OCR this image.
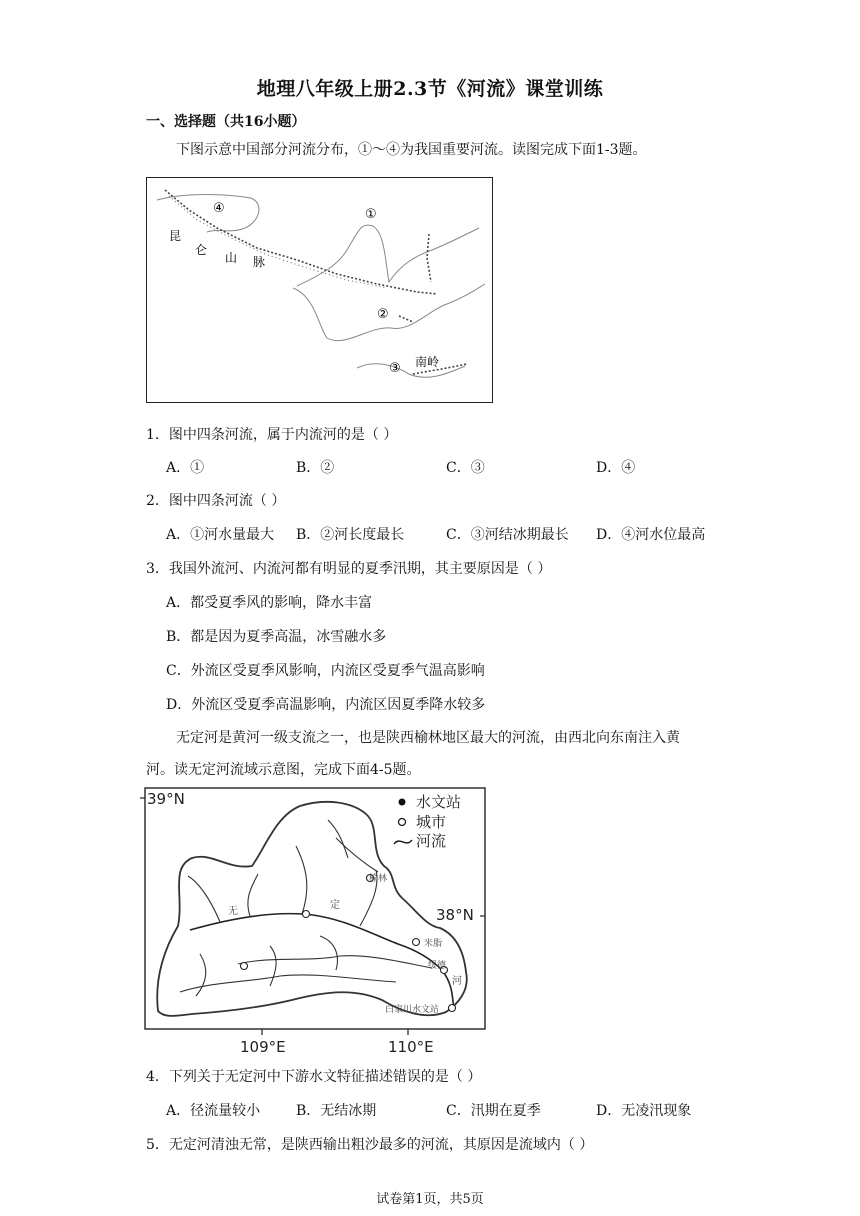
地理八年级上册2.3节《河流》课堂训练
一、选择题（共16小题）
下图示意中国部分河流分布，①～④为我国重要河流。读图完成下面1-3题。
④	①
②
③ 南岭
昆
仑
山 脉
1．图中四条河流，属于内流河的是（ ）
A．①	B．②	C．③	D．④
2．图中四条河流（ ）
A．①河水量最大 B．②河长度最长	C．③河结冰期最长 D．④河水位最高
3．我国外流河、内流河都有明显的夏季汛期，其主要原因是（ ）
A．都受夏季风的影响，降水丰富
B．都是因为夏季高温，冰雪融水多
C．外流区受夏季风影响，内流区受夏季气温高影响
D．外流区受夏季高温影响，内流区因夏季降水较多
无定河是黄河一级支流之一，也是陕西榆林地区最大的河流，由西北向东南注入黄
河。读无定河流域示意图，完成下面4-5题。
榆林
米脂
绥德
白家川水文站
无
定
河
39°N
38°N
109°E	110°E
水文站
城市
河流
4．下列关于无定河中下游水文特征描述错误的是（ ）
A．径流量较小	B．无结冰期	C．汛期在夏季	D．无凌汛现象
5．无定河清浊无常，是陕西输出粗沙最多的河流，其原因是流域内（ ）
试卷第1页，共5页
